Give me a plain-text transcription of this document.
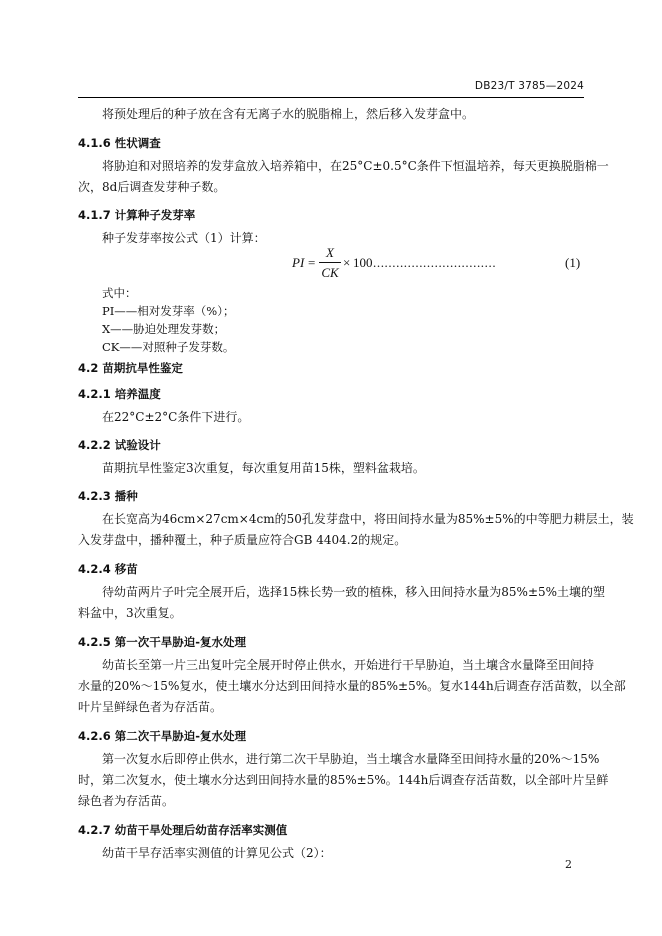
DB23/T 3785—2024
将预处理后的种子放在含有无离子水的脱脂棉上，然后移入发芽盒中。
4.1.6 性状调查
将胁迫和对照培养的发芽盒放入培养箱中，在25°C±0.5°C条件下恒温培养，每天更换脱脂棉一
次，8d后调查发芽种子数。
4.1.7 计算种子发芽率
种子发芽率按公式（1）计算：
PI =
X
CK
× 100 ................................	(1)
式中：
PI——相对发芽率（%）；
X——胁迫处理发芽数；
CK——对照种子发芽数。
4.2 苗期抗旱性鉴定
4.2.1 培养温度
在22°C±2°C条件下进行。
4.2.2 试验设计
苗期抗旱性鉴定3次重复，每次重复用苗15株，塑料盆栽培。
4.2.3 播种
在长宽高为46cm×27cm×4cm的50孔发芽盘中，将田间持水量为85%±5%的中等肥力耕层土，装
入发芽盘中，播种覆土，种子质量应符合GB 4404.2的规定。
4.2.4 移苗
待幼苗两片子叶完全展开后，选择15株长势一致的植株，移入田间持水量为85%±5%土壤的塑
料盆中，3次重复。
4.2.5 第一次干旱胁迫-复水处理
幼苗长至第一片三出复叶完全展开时停止供水，开始进行干旱胁迫，当土壤含水量降至田间持
水量的20%～15%复水，使土壤水分达到田间持水量的85%±5%。复水144h后调查存活苗数，以全部
叶片呈鲜绿色者为存活苗。
4.2.6 第二次干旱胁迫-复水处理
第一次复水后即停止供水，进行第二次干旱胁迫，当土壤含水量降至田间持水量的20%～15%
时，第二次复水，使土壤水分达到田间持水量的85%±5%。144h后调查存活苗数，以全部叶片呈鲜
绿色者为存活苗。
4.2.7 幼苗干旱处理后幼苗存活率实测值
幼苗干旱存活率实测值的计算见公式（2）：
2
